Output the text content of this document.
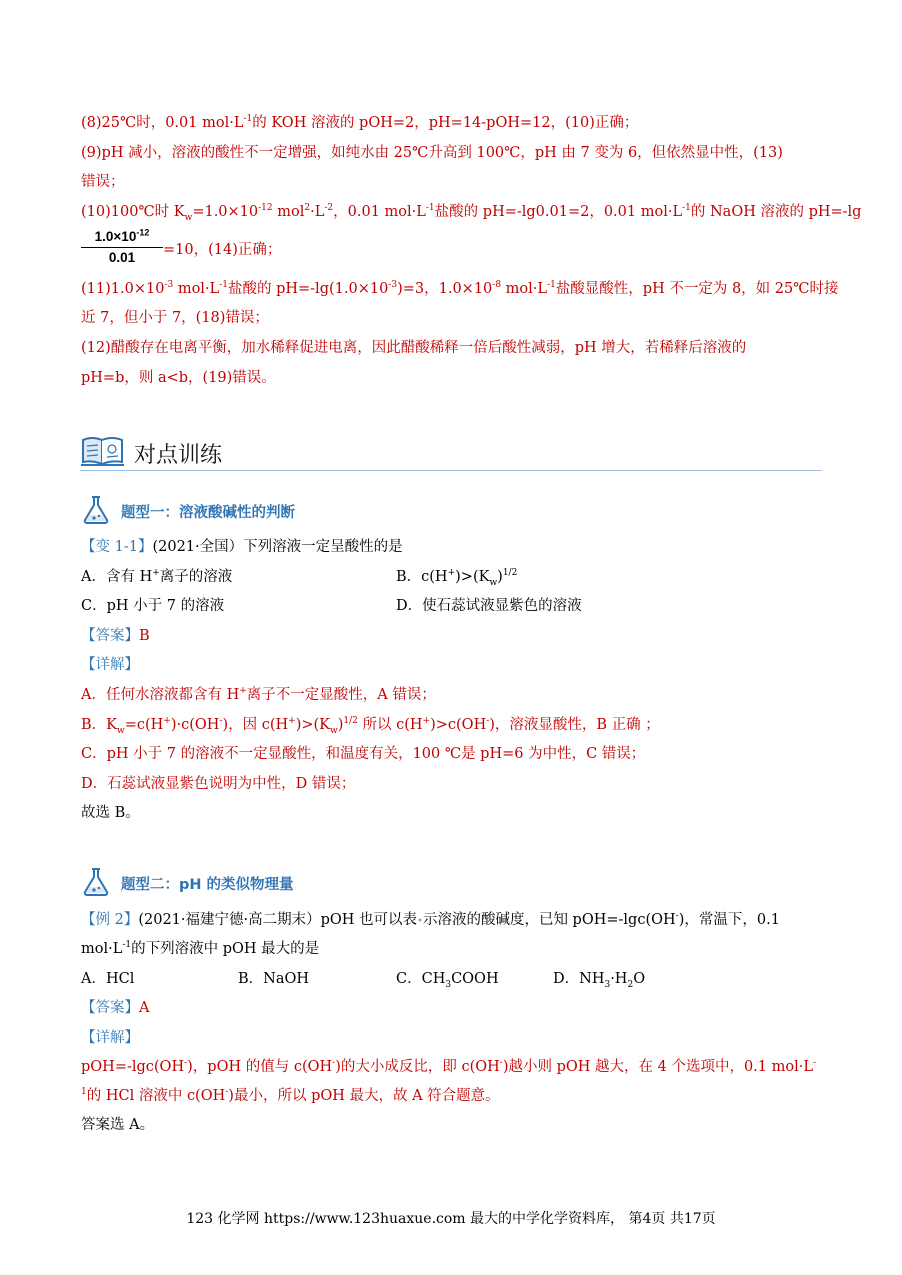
(8)25℃时，0.01 $mol\cdot L^{-1}$的 KOH 溶液的 pOH=2，pH=14-pOH=12，(10)正确；
(9)pH 减小，溶液的酸性不一定增强，如纯水由 25℃升高到 100℃，pH 由 7 变为 6，但依然显中性，(13)
错误；
(10)100℃时 $K_w=1.0\times 10^{-12}$ $mol^2\cdot L^{-2}$，0.01 $mol\cdot L^{-1}$盐酸的 pH=-lg0.01=2，0.01 $mol\cdot L^{-1}$的 NaOH 溶液的 pH=-lg
$1.0\times 10^{-12}$
0.01	=10，(14)正确；
$(11)1.0\times 10^{-3}$ $mol\cdot L^{-1}$盐酸的 $pH=-\lg(1.0\times 10^{-3})=3$，$1.0\times 10^{-8}$ $mol\cdot L^{-1}$盐酸显酸性，pH 不一定为 8，如 25℃时接
近 7，但小于 7，(18)错误；
(12)醋酸存在电离平衡，加水稀释促进电离，因此醋酸稀释一倍后酸性减弱，pH 增大，若稀释后溶液的
pH=b，则 a<b，(19)错误。
对点训练
题型一：溶液酸碱性的判断
【变 1-1】(2021·全国）下列溶液一定呈酸性的是
A．含有 H+离子的溶液	B．$c(H^+)>(K_w)^{1/2}$
C．pH 小于 7 的溶液	D．使石蕊试液显紫色的溶液
【答案】B
【详解】
A．任何水溶液都含有 H+离子不一定显酸性，A 错误；
B．$K_w=c(H^+)\cdot c(OH^-)$，因 $c(H^+)>(K_w)^{1/2}$ 所以 c(H+)>c(OH-)，溶液显酸性，B 正确 ；
C．pH 小于 7 的溶液不一定显酸性，和温度有关，100 ℃是 pH=6 为中性，C 错误；
D．石蕊试液显紫色说明为中性，D 错误；
故选 B。
题型二：pH 的类似物理量
【例 2】(2021·福建宁德·高二期末）pOH 也可以表•示溶液的酸碱度，已知 pOH=-lgc(OH-)，常温下，0.1
$mol\cdot L^{-1}$的下列溶液中 pOH 最大的是
A．HCl	B．NaOH	C．$CH_3COOH$	D．$NH_3\cdot H_2O$
【答案】A
【详解】
pOH=-lgc(OH-)，pOH 的值与 c(OH-)的大小成反比，即 c(OH-)越小则 pOH 越大，在 4 个选项中，0.1 mol·L-
$^1$的 HCl 溶液中 c(OH-)最小，所以 pOH 最大，故 A 符合题意。
答案选 A。
123 化学网 https://www.123huaxue.com 最大的中学化学资料库， 第4页 共17页
